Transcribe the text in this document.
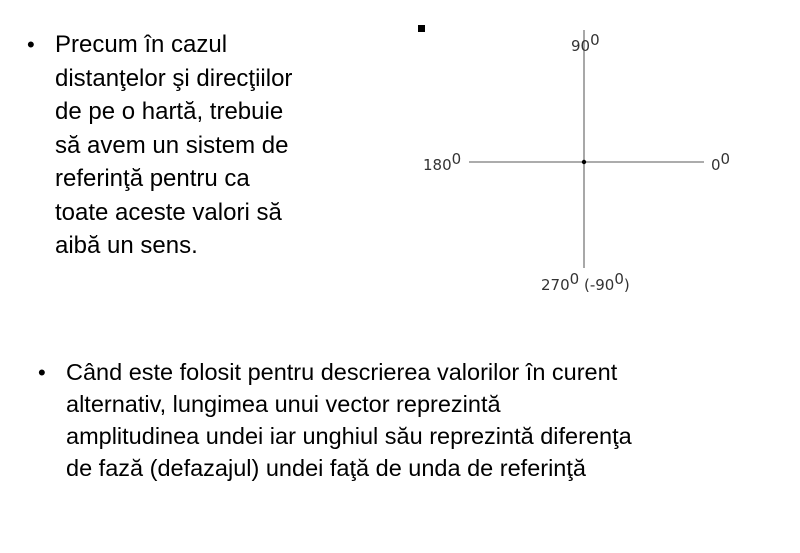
• Precum în cazul
distanţelor şi direcţiilor
de pe o hartă, trebuie
să avem un sistem de
referinţă pentru ca
toate aceste valori să
aibă un sens.
900
1800	00
2700 (-900)
• Când este folosit pentru descrierea valorilor în curent
alternativ, lungimea unui vector reprezintă
amplitudinea undei iar unghiul său reprezintă diferenţa
de fază (defazajul) undei faţă de unda de referinţă
